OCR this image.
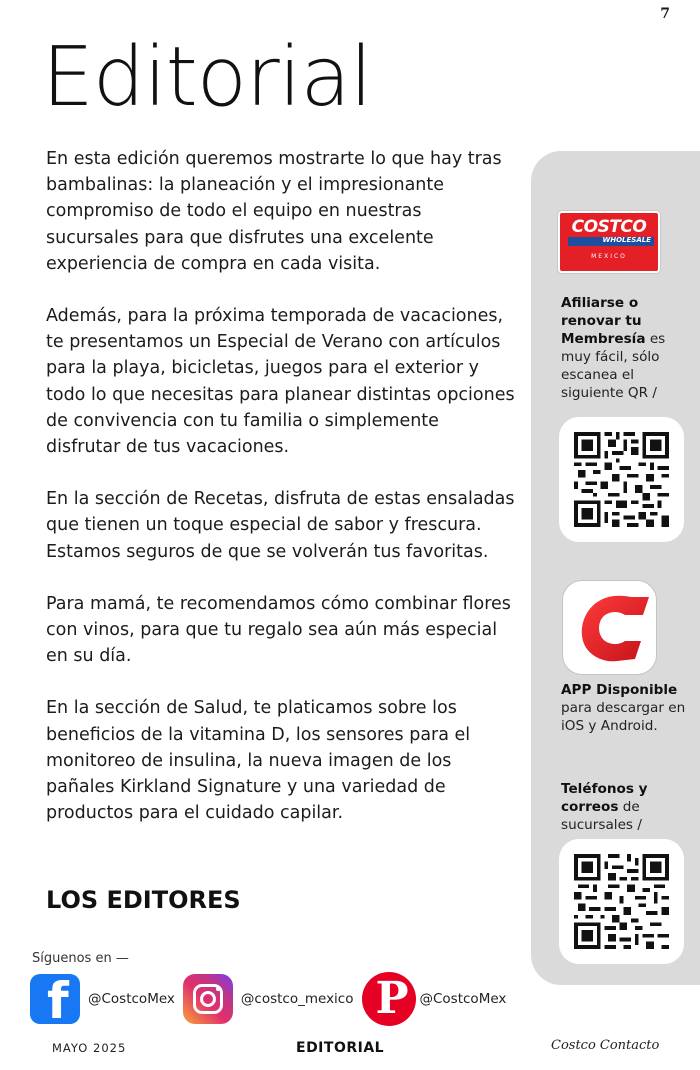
7
Editorial

En esta edición queremos mostrarte lo que hay tras bambalinas: la planeación y el impresionante compromiso de todo el equipo en nuestras sucursales para que disfrutes una excelente experiencia de compra en cada visita.

Además, para la próxima temporada de vacaciones, te presentamos un Especial de Verano con artículos para la playa, bicicletas, juegos para el exterior y todo lo que necesitas para planear distintas opciones de convivencia con tu familia o simplemente disfrutar de tus vacaciones.

En la sección de Recetas, disfruta de estas ensaladas que tienen un toque especial de sabor y frescura. Estamos seguros de que se volverán tus favoritas.

Para mamá, te recomendamos cómo combinar flores con vinos, para que tu regalo sea aún más especial en su día.

En la sección de Salud, te platicamos sobre los beneficios de la vitamina D, los sensores para el monitoreo de insulina, la nueva imagen de los pañales Kirkland Signature y una variedad de productos para el cuidado capilar.

LOS EDITORES
Síguenos en —
f @CostcoMex	@costco_mexico P @CostcoMex
MAYO 2025	EDITORIAL	Costco Contacto
COSTCO
WHOLESALE
MEXICO
Afiliarse o renovar tu Membresía es muy fácil, sólo escanea el siguiente QR /
APP Disponible para descargar en iOS y Android.
Teléfonos y correos de sucursales /
